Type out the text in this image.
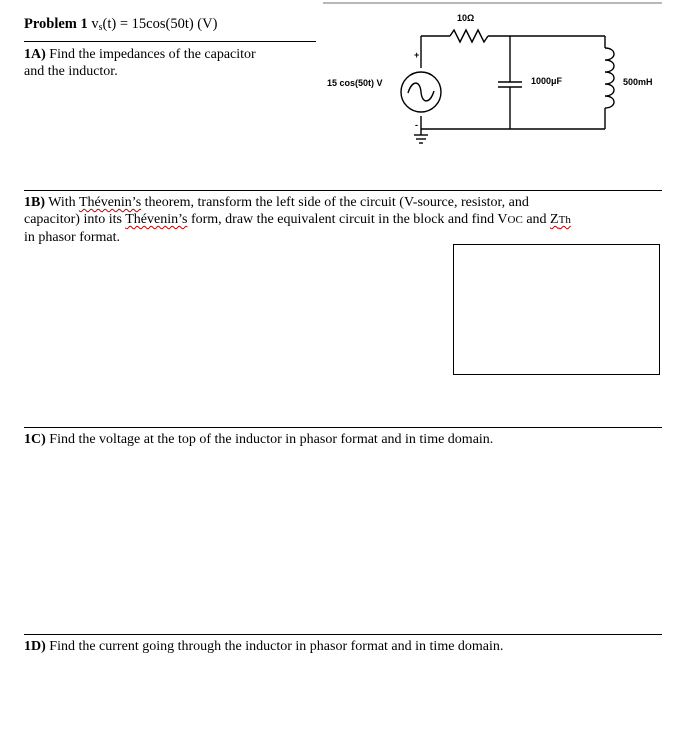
Problem 1 $v_s(t) = 15\cos(50t)$ (V)
1A) Find the impedances of the capacitor
and the inductor.
+
-
15 cos(50t) V
10Ω
1000μF	500mH
1B) With Thévenin’s theorem, transform the left side of the circuit (V-source, resistor, and
capacitor) into its Thévenin’s form, draw the equivalent circuit in the block and find VOC and ZTh
in phasor format.
1C) Find the voltage at the top of the inductor in phasor format and in time domain.
1D) Find the current going through the inductor in phasor format and in time domain.
